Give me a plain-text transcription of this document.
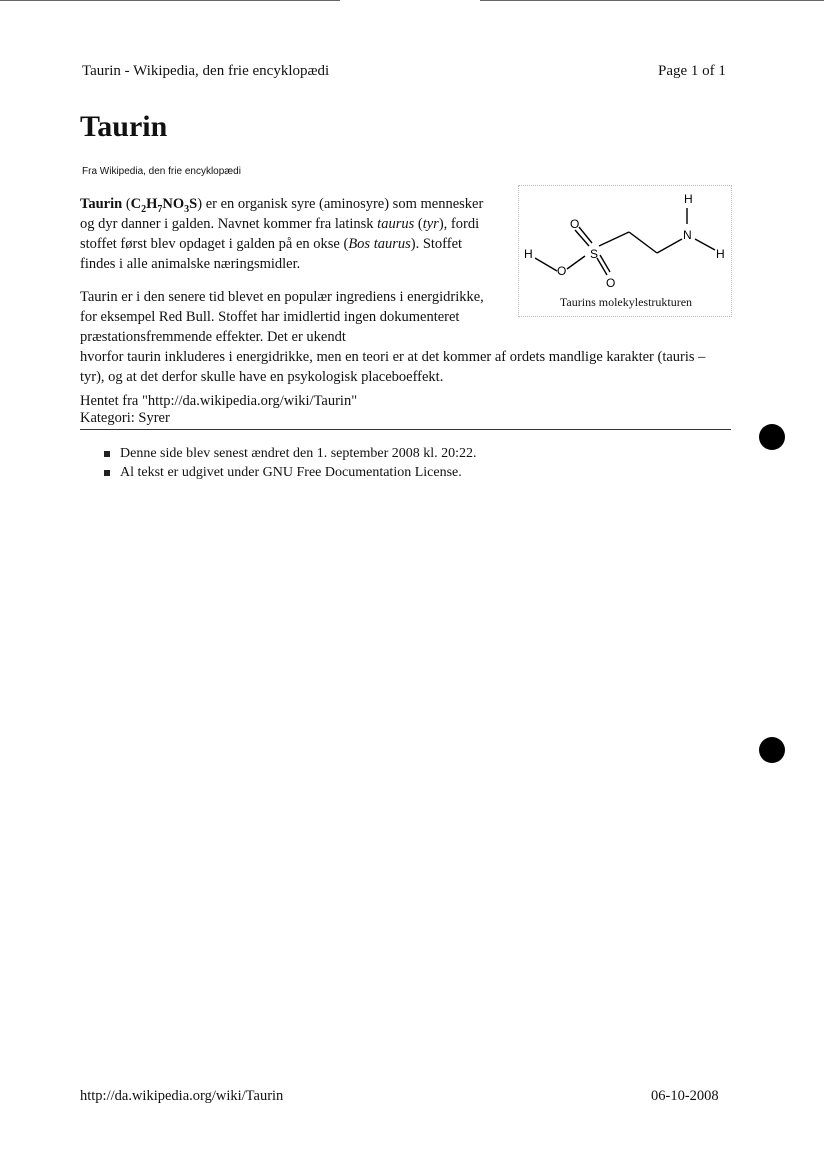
Taurin - Wikipedia, den frie encyklopædi	Page 1 of 1
Taurin
Fra Wikipedia, den frie encyklopædi
Taurin $(C_2H_7NO_3S)$ er en organisk syre (aminosyre) som mennesker og dyr danner i galden. Navnet kommer fra latinsk taurus (tyr), fordi stoffet først blev opdaget i galden på en okse (Bos taurus). Stoffet findes i alle animalske næringsmidler.
Taurin er i den senere tid blevet en populær ingrediens i energidrikke, for eksempel Red Bull. Stoffet har imidlertid ingen dokumenteret præstationsfremmende effekter. Det er ukendt
hvorfor taurin inkluderes i energidrikke, men en teori er at det kommer af ordets mandlige karakter (tauris – tyr), og at det derfor skulle have en psykologisk placeboeffekt.
H
N
H
O
S
H
O
O
Taurins molekylestrukturen
Hentet fra "http://da.wikipedia.org/wiki/Taurin"
Kategori: Syrer
Denne side blev senest ændret den 1. september 2008 kl. 20:22.
Al tekst er udgivet under GNU Free Documentation License.
http://da.wikipedia.org/wiki/Taurin	06-10-2008
